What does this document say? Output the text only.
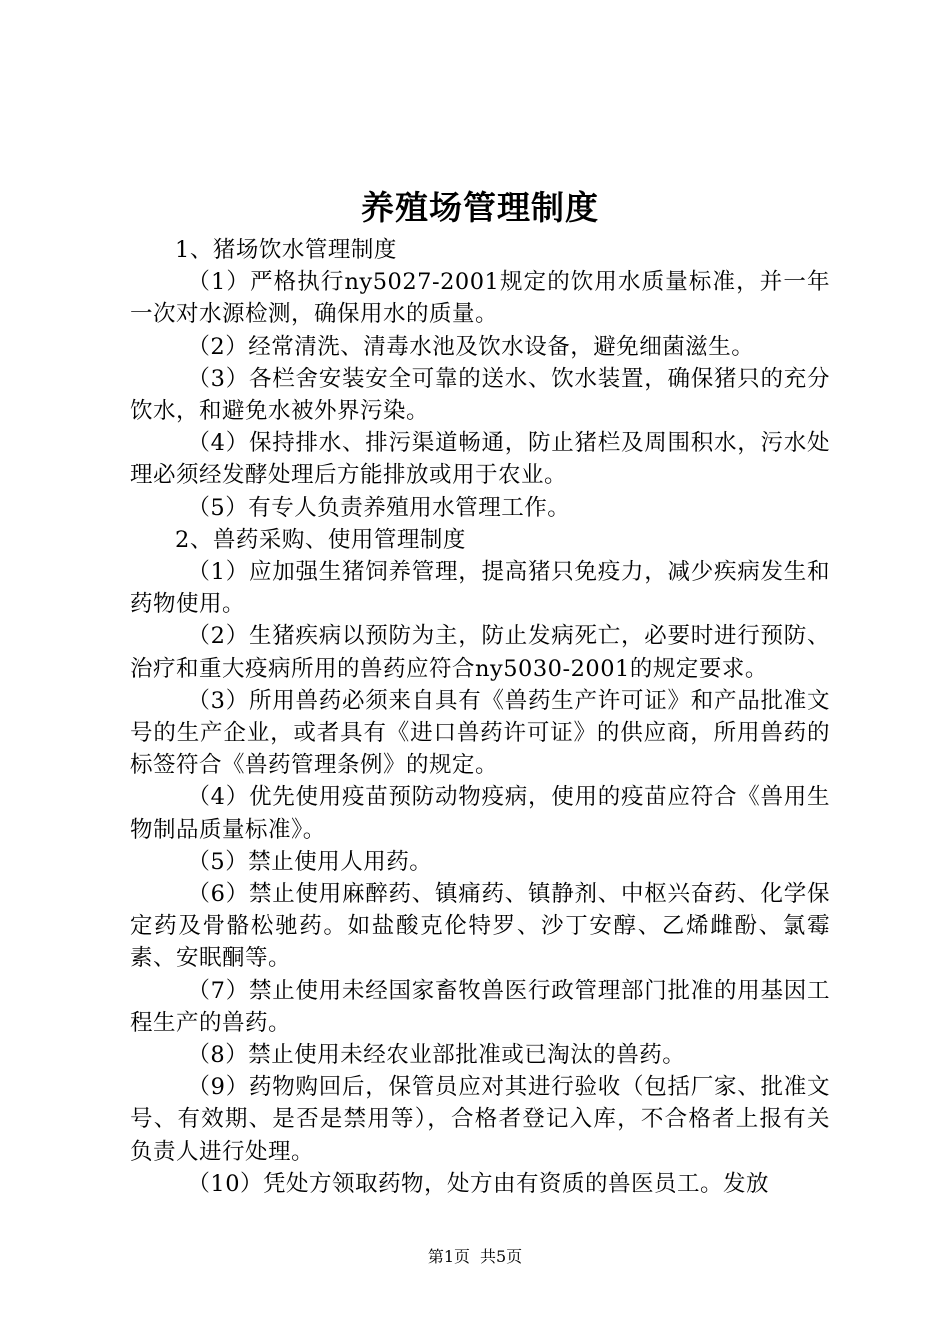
养殖场管理制度

1、猪场饮水管理制度

（1）严格执行ny5027-2001规定的饮用水质量标准，并一年一次对水源检测，确保用水的质量。

（2）经常清洗、清毒水池及饮水设备，避免细菌滋生。

（3）各栏舍安装安全可靠的送水、饮水装置，确保猪只的充分饮水，和避免水被外界污染。

（4）保持排水、排污渠道畅通，防止猪栏及周围积水，污水处理必须经发酵处理后方能排放或用于农业。

（5）有专人负责养殖用水管理工作。

2、兽药采购、使用管理制度

（1）应加强生猪饲养管理，提高猪只免疫力，减少疾病发生和药物使用。

（2）生猪疾病以预防为主，防止发病死亡，必要时进行预防、治疗和重大疫病所用的兽药应符合ny5030-2001的规定要求。

（3）所用兽药必须来自具有《兽药生产许可证》和产品批准文号的生产企业，或者具有《进口兽药许可证》的供应商，所用兽药的标签符合《兽药管理条例》的规定。

（4）优先使用疫苗预防动物疫病，使用的疫苗应符合《兽用生物制品质量标准》。

（5）禁止使用人用药。

（6）禁止使用麻醉药、镇痛药、镇静剂、中枢兴奋药、化学保定药及骨骼松驰药。如盐酸克伦特罗、沙丁安醇、乙烯雌酚、氯霉素、安眠酮等。

（7）禁止使用未经国家畜牧兽医行政管理部门批准的用基因工程生产的兽药。

（8）禁止使用未经农业部批准或已淘汰的兽药。

（9）药物购回后，保管员应对其进行验收（包括厂家、批准文号、有效期、是否是禁用等），合格者登记入库，不合格者上报有关负责人进行处理。

（10）凭处方领取药物，处方由有资质的兽医员工。发放

第1页 共5页
